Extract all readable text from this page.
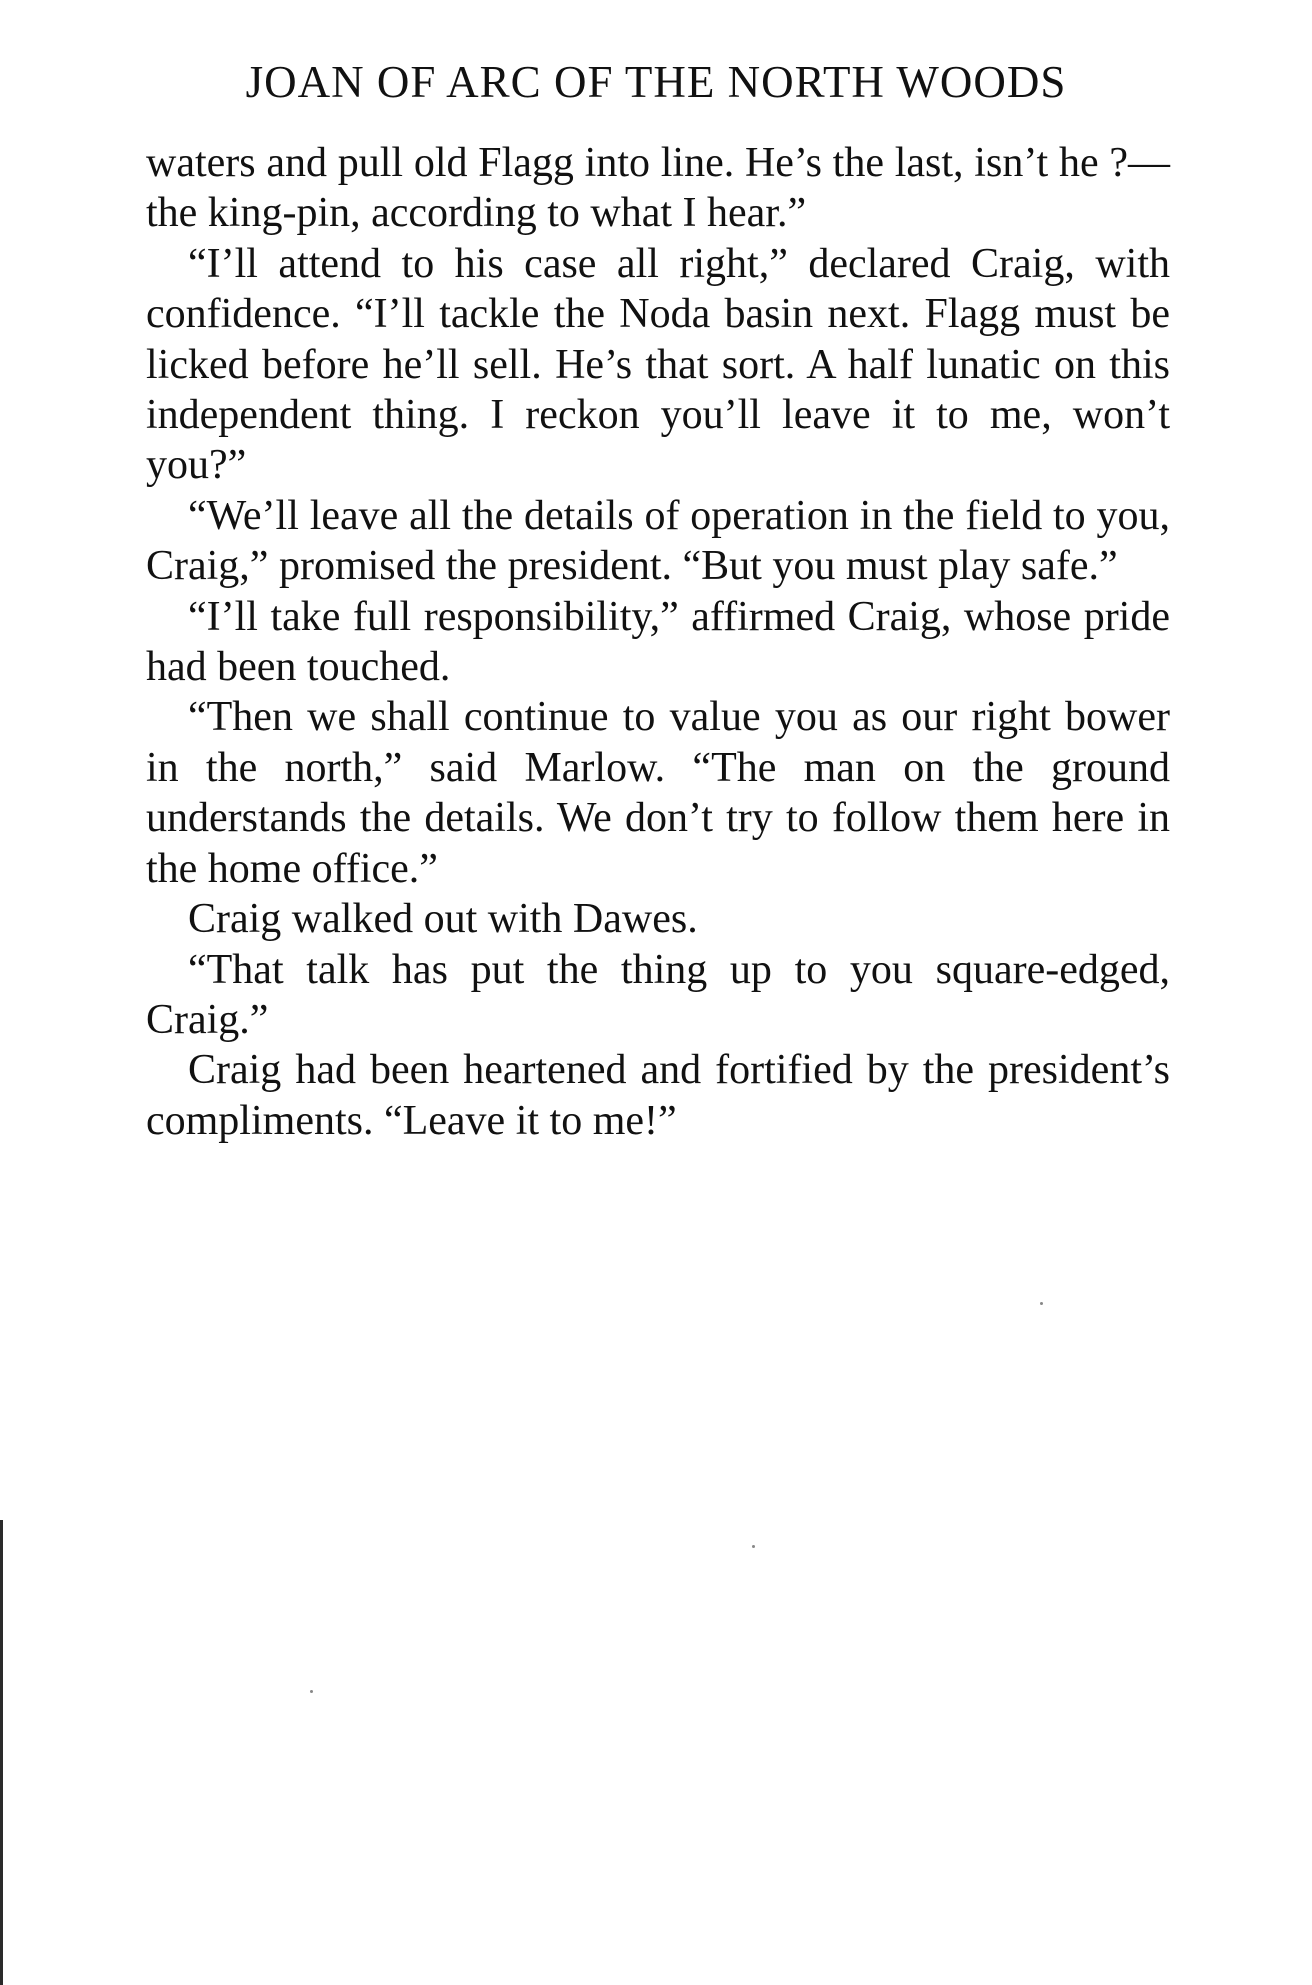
JOAN OF ARC OF THE NORTH WOODS

waters and pull old Flagg into line. He’s the last, isn’t he ?—the king-pin, according to what I hear.”

“I’ll attend to his case all right,” declared Craig, with confidence. “I’ll tackle the Noda basin next. Flagg must be licked before he’ll sell. He’s that sort. A half lunatic on this independent thing. I reckon you’ll leave it to me, won’t you?”

“We’ll leave all the details of operation in the field to you, Craig,” promised the president. “But you must play safe.”

“I’ll take full responsibility,” affirmed Craig, whose pride had been touched.

“Then we shall continue to value you as our right bower in the north,” said Marlow. “The man on the ground understands the details. We don’t try to follow them here in the home office.”

Craig walked out with Dawes.

“That talk has put the thing up to you square-edged, Craig.”

Craig had been heartened and fortified by the president’s compliments. “Leave it to me!”
